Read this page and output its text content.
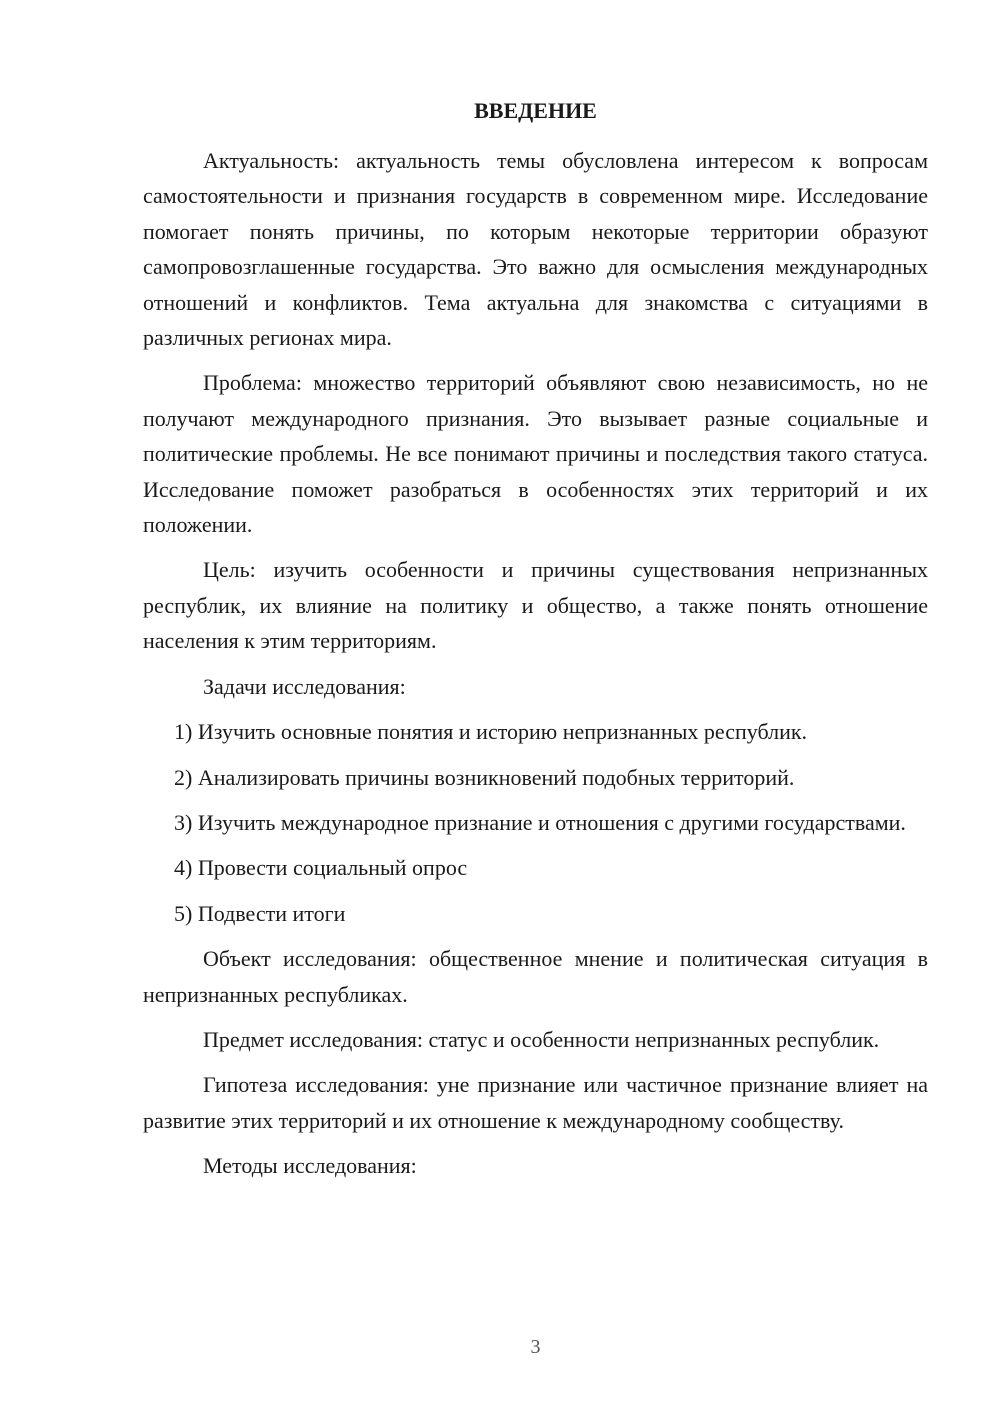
ВВЕДЕНИЕ

Актуальность: актуальность темы обусловлена интересом к вопросам самостоятельности и признания государств в современном мире. Исследование помогает понять причины, по которым некоторые территории образуют самопровозглашенные государства. Это важно для осмысления международных отношений и конфликтов. Тема актуальна для знакомства с ситуациями в различных регионах мира.

Проблема: множество территорий объявляют свою независимость, но не получают международного признания. Это вызывает разные социальные и политические проблемы. Не все понимают причины и последствия такого статуса. Исследование поможет разобраться в особенностях этих территорий и их положении.

Цель: изучить особенности и причины существования непризнанных республик, их влияние на политику и общество, а также понять отношение населения к этим территориям.

Задачи исследования:

1) Изучить основные понятия и историю непризнанных республик.

2) Анализировать причины возникновений подобных территорий.

3) Изучить международное признание и отношения с другими государствами.

4) Провести социальный опрос

5) Подвести итоги

Объект исследования: общественное мнение и политическая ситуация в непризнанных республиках.

Предмет исследования: статус и особенности непризнанных республик.

Гипотеза исследования: уне признание или частичное признание влияет на развитие этих территорий и их отношение к международному сообществу.

Методы исследования:

3
